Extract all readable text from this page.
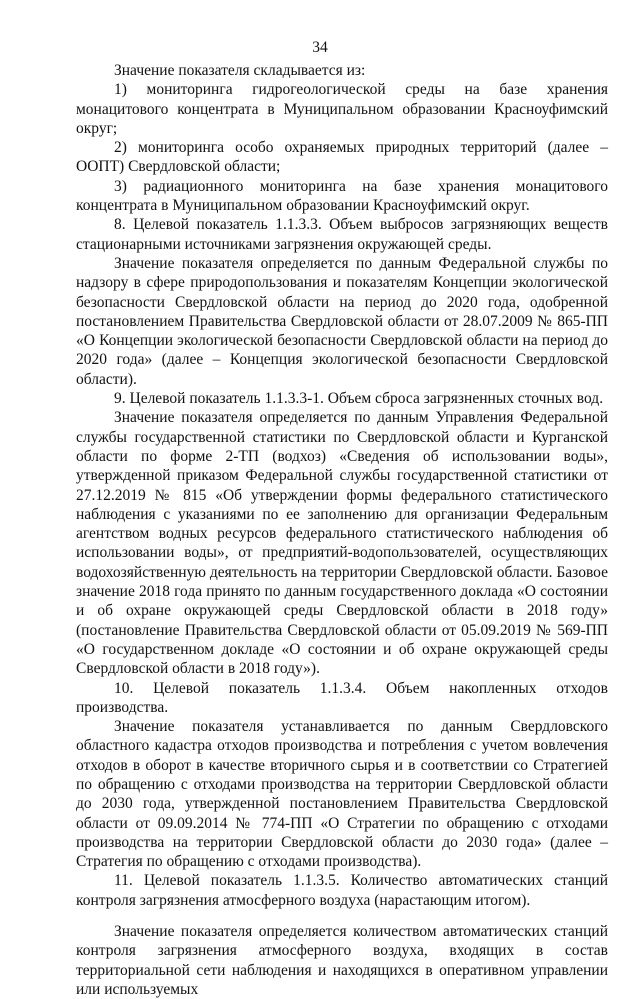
34

Значение показателя складывается из:

1) мониторинга гидрогеологической среды на базе хранения монацитового концентрата в Муниципальном образовании Красноуфимский округ;

2) мониторинга особо охраняемых природных территорий (далее – ООПТ) Свердловской области;

3) радиационного мониторинга на базе хранения монацитового концентрата в Муниципальном образовании Красноуфимский округ.

8. Целевой показатель 1.1.3.3. Объем выбросов загрязняющих веществ стационарными источниками загрязнения окружающей среды.

Значение показателя определяется по данным Федеральной службы по надзору в сфере природопользования и показателям Концепции экологической безопасности Свердловской области на период до 2020 года, одобренной постановлением Правительства Свердловской области от 28.07.2009 № 865-ПП «О Концепции экологической безопасности Свердловской области на период до 2020 года» (далее – Концепция экологической безопасности Свердловской области).

9. Целевой показатель 1.1.3.3-1. Объем сброса загрязненных сточных вод.

Значение показателя определяется по данным Управления Федеральной службы государственной статистики по Свердловской области и Курганской области по форме 2-ТП (водхоз) «Сведения об использовании воды», утвержденной приказом Федеральной службы государственной статистики от 27.12.2019 № 815 «Об утверждении формы федерального статистического наблюдения с указаниями по ее заполнению для организации Федеральным агентством водных ресурсов федерального статистического наблюдения об использовании воды», от предприятий-водопользователей, осуществляющих водохозяйственную деятельность на территории Свердловской области. Базовое значение 2018 года принято по данным государственного доклада «О состоянии и об охране окружающей среды Свердловской области в 2018 году» (постановление Правительства Свердловской области от 05.09.2019 № 569-ПП «О государственном докладе «О состоянии и об охране окружающей среды Свердловской области в 2018 году»).

10. Целевой показатель 1.1.3.4. Объем накопленных отходов производства.

Значение показателя устанавливается по данным Свердловского областного кадастра отходов производства и потребления с учетом вовлечения отходов в оборот в качестве вторичного сырья и в соответствии со Стратегией по обращению с отходами производства на территории Свердловской области до 2030 года, утвержденной постановлением Правительства Свердловской области от 09.09.2014 № 774-ПП «О Стратегии по обращению с отходами производства на территории Свердловской области до 2030 года» (далее – Стратегия по обращению с отходами производства).

11. Целевой показатель 1.1.3.5. Количество автоматических станций контроля загрязнения атмосферного воздуха (нарастающим итогом).

Значение показателя определяется количеством автоматических станций контроля загрязнения атмосферного воздуха, входящих в состав территориальной сети наблюдения и находящихся в оперативном управлении или используемых
